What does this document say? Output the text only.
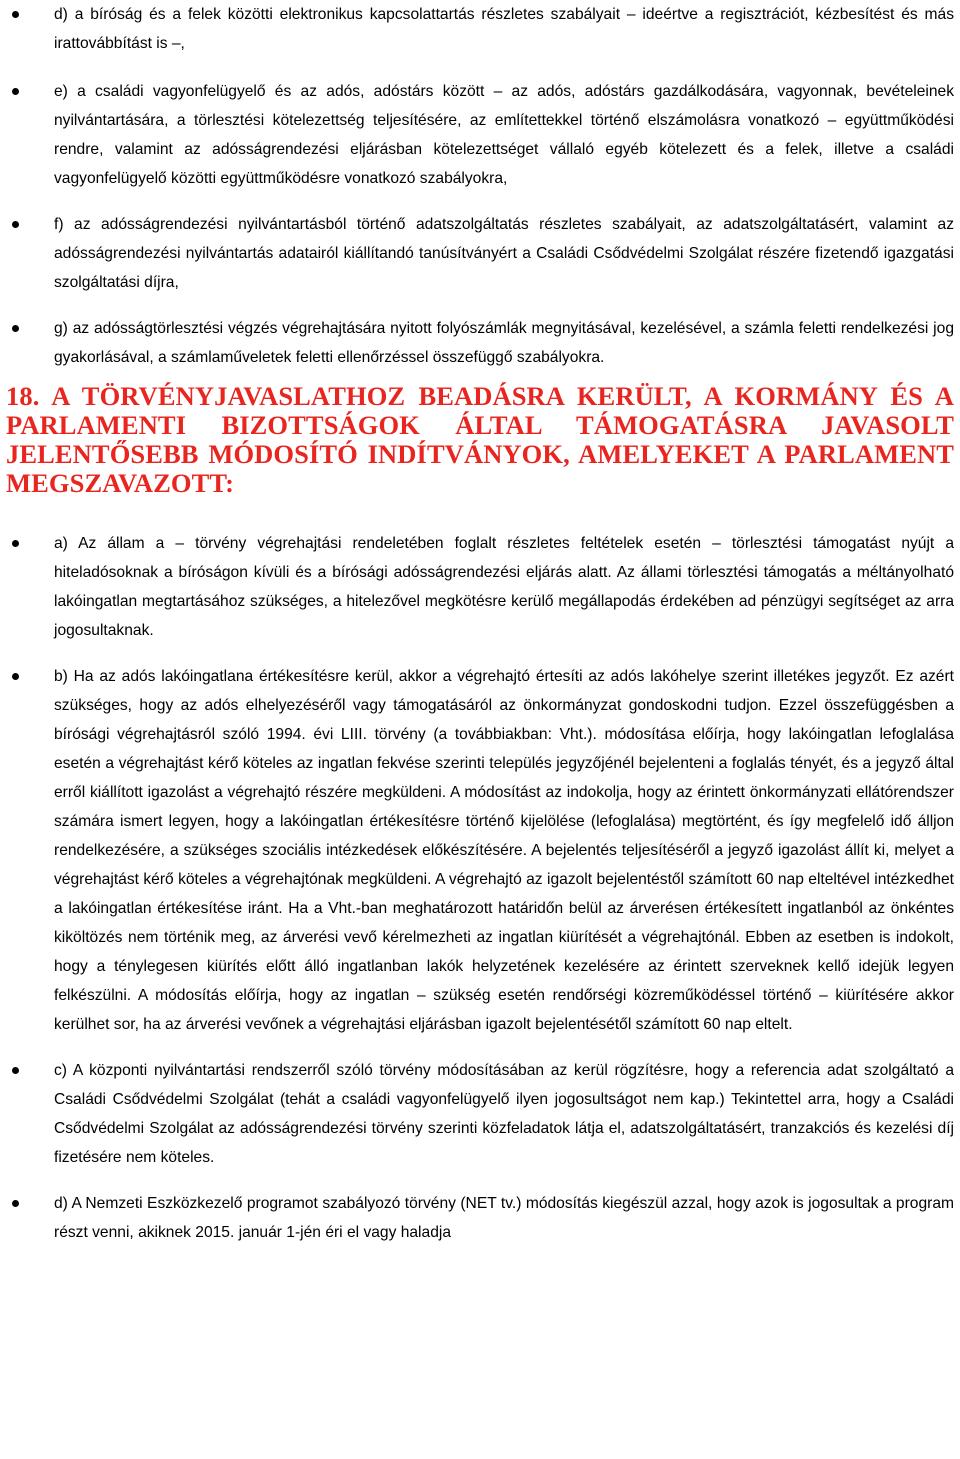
d) a bíróság és a felek közötti elektronikus kapcsolattartás részletes szabályait – ideértve a regisztrációt, kézbesítést és más irattovábbítást is –,
e) a családi vagyonfelügyelő és az adós, adóstárs között – az adós, adóstárs gazdálkodására, vagyonnak, bevételeinek nyilvántartására, a törlesztési kötelezettség teljesítésére, az említettekkel történő elszámolásra vonatkozó – együttműködési rendre, valamint az adósságrendezési eljárásban kötelezettséget vállaló egyéb kötelezett és a felek, illetve a családi vagyonfelügyelő közötti együttműködésre vonatkozó szabályokra,
f) az adósságrendezési nyilvántartásból történő adatszolgáltatás részletes szabályait, az adatszolgáltatásért, valamint az adósságrendezési nyilvántartás adatairól kiállítandó tanúsítványért a Családi Csődvédelmi Szolgálat részére fizetendő igazgatási szolgáltatási díjra,
g) az adósságtörlesztési végzés végrehajtására nyitott folyószámlák megnyitásával, kezelésével, a számla feletti rendelkezési jog gyakorlásával, a számlaműveletek feletti ellenőrzéssel összefüggő szabályokra.
18. A TÖRVÉNYJAVASLATHOZ BEADÁSRA KERÜLT, A KORMÁNY ÉS A PARLAMENTI BIZOTTSÁGOK ÁLTAL TÁMOGATÁSRA JAVASOLT JELENTŐSEBB MÓDOSÍTÓ INDÍTVÁNYOK, AMELYEKET A PARLAMENT MEGSZAVAZOTT:
a) Az állam a – törvény végrehajtási rendeletében foglalt részletes feltételek esetén – törlesztési támogatást nyújt a hiteladósoknak a bíróságon kívüli és a bírósági adósságrendezési eljárás alatt. Az állami törlesztési támogatás a méltányolható lakóingatlan megtartásához szükséges, a hitelezővel megkötésre kerülő megállapodás érdekében ad pénzügyi segítséget az arra jogosultaknak.
b) Ha az adós lakóingatlana értékesítésre kerül, akkor a végrehajtó értesíti az adós lakóhelye szerint illetékes jegyzőt. Ez azért szükséges, hogy az adós elhelyezéséről vagy támogatásáról az önkormányzat gondoskodni tudjon. Ezzel összefüggésben a bírósági végrehajtásról szóló 1994. évi LIII. törvény (a továbbiakban: Vht.). módosítása előírja, hogy lakóingatlan lefoglalása esetén a végrehajtást kérő köteles az ingatlan fekvése szerinti település jegyzőjénél bejelenteni a foglalás tényét, és a jegyző által erről kiállított igazolást a végrehajtó részére megküldeni. A módosítást az indokolja, hogy az érintett önkormányzati ellátórendszer számára ismert legyen, hogy a lakóingatlan értékesítésre történő kijelölése (lefoglalása) megtörtént, és így megfelelő idő álljon rendelkezésére, a szükséges szociális intézkedések előkészítésére. A bejelentés teljesítéséről a jegyző igazolást állít ki, melyet a végrehajtást kérő köteles a végrehajtónak megküldeni. A végrehajtó az igazolt bejelentéstől számított 60 nap elteltével intézkedhet a lakóingatlan értékesítése iránt. Ha a Vht.-ban meghatározott határidőn belül az árverésen értékesített ingatlanból az önkéntes kiköltözés nem történik meg, az árverési vevő kérelmezheti az ingatlan kiürítését a végrehajtónál. Ebben az esetben is indokolt, hogy a ténylegesen kiürítés előtt álló ingatlanban lakók helyzetének kezelésére az érintett szerveknek kellő idejük legyen felkészülni. A módosítás előírja, hogy az ingatlan – szükség esetén rendőrségi közreműködéssel történő – kiürítésére akkor kerülhet sor, ha az árverési vevőnek a végrehajtási eljárásban igazolt bejelentésétől számított 60 nap eltelt.
c) A központi nyilvántartási rendszerről szóló törvény módosításában az kerül rögzítésre, hogy a referencia adat szolgáltató a Családi Csődvédelmi Szolgálat (tehát a családi vagyonfelügyelő ilyen jogosultságot nem kap.) Tekintettel arra, hogy a Családi Csődvédelmi Szolgálat az adósságrendezési törvény szerinti közfeladatok látja el, adatszolgáltatásért, tranzakciós és kezelési díj fizetésére nem köteles.
d) A Nemzeti Eszközkezelő programot szabályozó törvény (NET tv.) módosítás kiegészül azzal, hogy azok is jogosultak a program részt venni, akiknek 2015. január 1-jén éri el vagy haladja
